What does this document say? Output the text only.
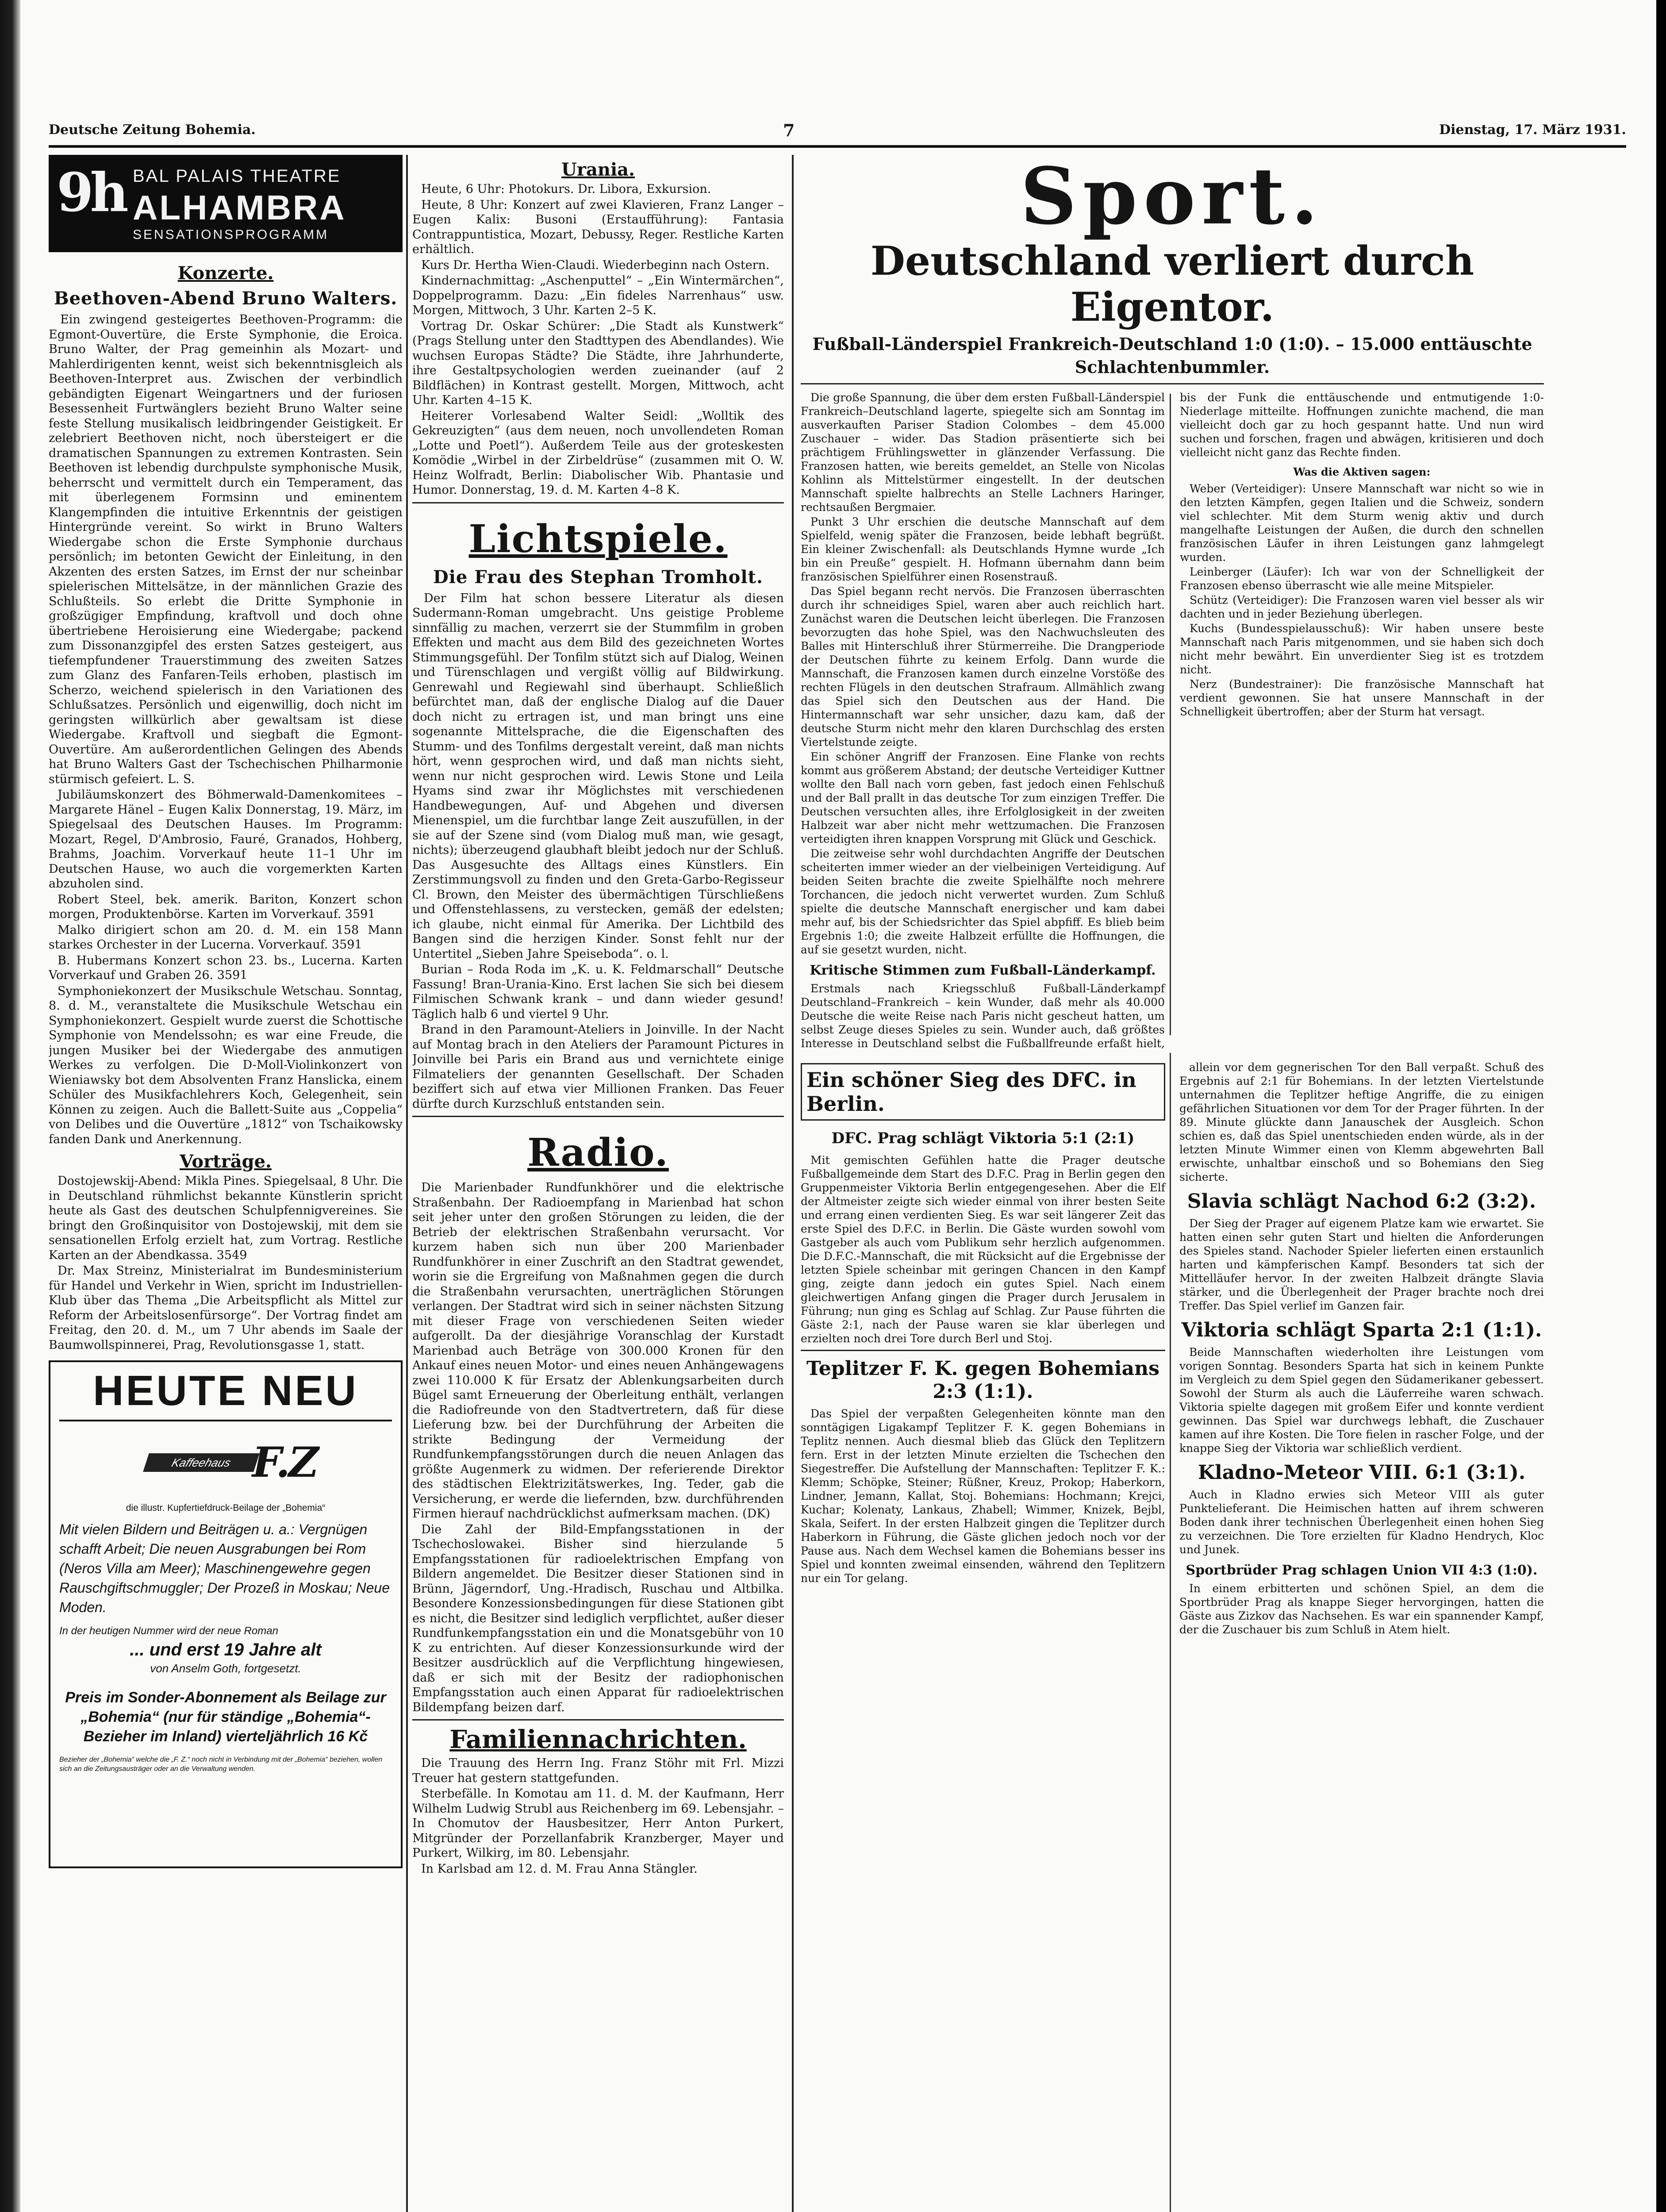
Deutsche Zeitung Bohemia.	7	Dienstag, 17. März 1931.
9h BAL PALAIS THEATRE
ALHAMBRA
SENSATIONSPROGRAMM
Konzerte.
Beethoven-Abend Bruno Walters.

Ein zwingend gesteigertes Beethoven-Programm: die Egmont-Ouvertüre, die Erste Symphonie, die Eroica. Bruno Walter, der Prag gemeinhin als Mozart- und Mahlerdirigenten kennt, weist sich bekenntnisgleich als Beethoven-Interpret aus. Zwischen der verbindlich gebändigten Eigenart Weingartners und der furiosen Besessenheit Furtwänglers bezieht Bruno Walter seine feste Stellung musikalisch leidbringender Geistigkeit. Er zelebriert Beethoven nicht, noch übersteigert er die dramatischen Spannungen zu extremen Kontrasten. Sein Beethoven ist lebendig durchpulste symphonische Musik, beherrscht und vermittelt durch ein Temperament, das mit überlegenem Formsinn und eminentem Klangempfinden die intuitive Erkenntnis der geistigen Hintergründe vereint. So wirkt in Bruno Walters Wiedergabe schon die Erste Symphonie durchaus persönlich; im betonten Gewicht der Einleitung, in den Akzenten des ersten Satzes, im Ernst der nur scheinbar spielerischen Mittelsätze, in der männlichen Grazie des Schlußteils. So erlebt die Dritte Symphonie in großzügiger Empfindung, kraftvoll und doch ohne übertriebene Heroisierung eine Wiedergabe; packend zum Dissonanzgipfel des ersten Satzes gesteigert, aus tiefempfundener Trauerstimmung des zweiten Satzes zum Glanz des Fanfaren-Teils erhoben, plastisch im Scherzo, weichend spielerisch in den Variationen des Schlußsatzes. Persönlich und eigenwillig, doch nicht im geringsten willkürlich aber gewaltsam ist diese Wiedergabe. Kraftvoll und siegbaft die Egmont-Ouvertüre. Am außerordentlichen Gelingen des Abends hat Bruno Walters Gast der Tschechischen Philharmonie stürmisch gefeiert. L. S.

Jubiläumskonzert des Böhmerwald-Damenkomitees – Margarete Hänel – Eugen Kalix Donnerstag, 19. März, im Spiegelsaal des Deutschen Hauses. Im Programm: Mozart, Regel, D'Ambrosio, Fauré, Granados, Hohberg, Brahms, Joachim. Vorverkauf heute 11–1 Uhr im Deutschen Hause, wo auch die vorgemerkten Karten abzuholen sind.

Robert Steel, bek. amerik. Bariton, Konzert schon morgen, Produktenbörse. Karten im Vorverkauf. 3591

Malko dirigiert schon am 20. d. M. ein 158 Mann starkes Orchester in der Lucerna. Vorverkauf. 3591

B. Hubermans Konzert schon 23. bs., Lucerna. Karten Vorverkauf und Graben 26. 3591

Symphoniekonzert der Musikschule Wetschau. Sonntag, 8. d. M., veranstaltete die Musikschule Wetschau ein Symphoniekonzert. Gespielt wurde zuerst die Schottische Symphonie von Mendelssohn; es war eine Freude, die jungen Musiker bei der Wiedergabe des anmutigen Werkes zu verfolgen. Die D-Moll-Violinkonzert von Wieniawsky bot dem Absolventen Franz Hanslicka, einem Schüler des Musikfachlehrers Koch, Gelegenheit, sein Können zu zeigen. Auch die Ballett-Suite aus „Coppelia“ von Delibes und die Ouvertüre „1812“ von Tschaikowsky fanden Dank und Anerkennung.

Vorträge.

Dostojewskij-Abend: Mikla Pines. Spiegelsaal, 8 Uhr. Die in Deutschland rühmlichst bekannte Künstlerin spricht heute als Gast des deutschen Schulpfennigvereines. Sie bringt den Großinquisitor von Dostojewskij, mit dem sie sensationellen Erfolg erzielt hat, zum Vortrag. Restliche Karten an der Abendkassa. 3549

Dr. Max Streinz, Ministerialrat im Bundesministerium für Handel und Verkehr in Wien, spricht im Industriellen-Klub über das Thema „Die Arbeitspflicht als Mittel zur Reform der Arbeitslosenfürsorge“. Der Vortrag findet am Freitag, den 20. d. M., um 7 Uhr abends im Saale der Baumwollspinnerei, Prag, Revolutionsgasse 1, statt.

HEUTE NEU
Kaffeehaus F.Z
die illustr. Kupfertiefdruck-Beilage der „Bohemia“
Mit vielen Bildern und Beiträgen u. a.: Vergnügen schafft Arbeit; Die neuen Ausgrabungen bei Rom (Neros Villa am Meer); Maschinengewehre gegen Rauschgiftschmuggler; Der Prozeß in Moskau; Neue Moden.
In der heutigen Nummer wird der neue Roman
... und erst 19 Jahre alt
von Anselm Goth, fortgesetzt.
Preis im Sonder-Abonnement als Beilage zur „Bohemia“ (nur für ständige „Bohemia“-Bezieher im Inland) vierteljährlich 16 Kč
Bezieher der „Bohemia“ welche die „F. Z.“ noch nicht in Verbindung mit der „Bohemia“ beziehen, wollen sich an die Zeitungsausträger oder an die Verwaltung wenden.
Urania.

Heute, 6 Uhr: Photokurs. Dr. Libora, Exkursion.

Heute, 8 Uhr: Konzert auf zwei Klavieren, Franz Langer – Eugen Kalix: Busoni (Erstaufführung): Fantasia Contrappuntistica, Mozart, Debussy, Reger. Restliche Karten erhältlich.

Kurs Dr. Hertha Wien-Claudi. Wiederbeginn nach Ostern.

Kindernachmittag: „Aschenputtel“ – „Ein Wintermärchen“, Doppelprogramm. Dazu: „Ein fideles Narrenhaus“ usw. Morgen, Mittwoch, 3 Uhr. Karten 2–5 K.

Vortrag Dr. Oskar Schürer: „Die Stadt als Kunstwerk“ (Prags Stellung unter den Stadttypen des Abendlandes). Wie wuchsen Europas Städte? Die Städte, ihre Jahrhunderte, ihre Gestaltpsychologien werden zueinander (auf 2 Bildflächen) in Kontrast gestellt. Morgen, Mittwoch, acht Uhr. Karten 4–15 K.

Heiterer Vorlesabend Walter Seidl: „Wolltik des Gekreuzigten“ (aus dem neuen, noch unvollendeten Roman „Lotte und Poetl“). Außerdem Teile aus der groteskesten Komödie „Wirbel in der Zirbeldrüse“ (zusammen mit O. W. Heinz Wolfradt, Berlin: Diabolischer Wib. Phantasie und Humor. Donnerstag, 19. d. M. Karten 4–8 K.

Lichtspiele.
Die Frau des Stephan Tromholt.

Der Film hat schon bessere Literatur als diesen Sudermann-Roman umgebracht. Uns geistige Probleme sinnfällig zu machen, verzerrt sie der Stummfilm in groben Effekten und macht aus dem Bild des gezeichneten Wortes Stimmungsgefühl. Der Tonfilm stützt sich auf Dialog, Weinen und Türenschlagen und vergißt völlig auf Bildwirkung. Genrewahl und Regiewahl sind überhaupt. Schließlich befürchtet man, daß der englische Dialog auf die Dauer doch nicht zu ertragen ist, und man bringt uns eine sogenannte Mittelsprache, die die Eigenschaften des Stumm- und des Tonfilms dergestalt vereint, daß man nichts hört, wenn gesprochen wird, und daß man nichts sieht, wenn nur nicht gesprochen wird. Lewis Stone und Leila Hyams sind zwar ihr Möglichstes mit verschiedenen Handbewegungen, Auf- und Abgehen und diversen Mienenspiel, um die furchtbar lange Zeit auszufüllen, in der sie auf der Szene sind (vom Dialog muß man, wie gesagt, nichts); überzeugend glaubhaft bleibt jedoch nur der Schluß. Das Ausgesuchte des Alltags eines Künstlers. Ein Zerstimmungsvoll zu finden und den Greta-Garbo-Regisseur Cl. Brown, den Meister des übermächtigen Türschließens und Offenstehlassens, zu verstecken, gemäß der edelsten; ich glaube, nicht einmal für Amerika. Der Lichtbild des Bangen sind die herzigen Kinder. Sonst fehlt nur der Untertitel „Sieben Jahre Speiseboda“. o. l.

Burian – Roda Roda im „K. u. K. Feldmarschall“ Deutsche Fassung! Bran-Urania-Kino. Erst lachen Sie sich bei diesem Filmischen Schwank krank – und dann wieder gesund! Täglich halb 6 und viertel 9 Uhr.

Brand in den Paramount-Ateliers in Joinville. In der Nacht auf Montag brach in den Ateliers der Paramount Pictures in Joinville bei Paris ein Brand aus und vernichtete einige Filmateliers der genannten Gesellschaft. Der Schaden beziffert sich auf etwa vier Millionen Franken. Das Feuer dürfte durch Kurzschluß entstanden sein.

Radio.

Die Marienbader Rundfunkhörer und die elektrische Straßenbahn. Der Radioempfang in Marienbad hat schon seit jeher unter den großen Störungen zu leiden, die der Betrieb der elektrischen Straßenbahn verursacht. Vor kurzem haben sich nun über 200 Marienbader Rundfunkhörer in einer Zuschrift an den Stadtrat gewendet, worin sie die Ergreifung von Maßnahmen gegen die durch die Straßenbahn verursachten, unerträglichen Störungen verlangen. Der Stadtrat wird sich in seiner nächsten Sitzung mit dieser Frage von verschiedenen Seiten wieder aufgerollt. Da der diesjährige Voranschlag der Kurstadt Marienbad auch Beträge von 300.000 Kronen für den Ankauf eines neuen Motor- und eines neuen Anhängewagens zwei 110.000 K für Ersatz der Ablenkungsarbeiten durch Bügel samt Erneuerung der Oberleitung enthält, verlangen die Radiofreunde von den Stadtvertretern, daß für diese Lieferung bzw. bei der Durchführung der Arbeiten die strikte Bedingung der Vermeidung der Rundfunkempfangsstörungen durch die neuen Anlagen das größte Augenmerk zu widmen. Der referierende Direktor des städtischen Elektrizitätswerkes, Ing. Teder, gab die Versicherung, er werde die liefernden, bzw. durchführenden Firmen hierauf nachdrücklichst aufmerksam machen. (DK)

Die Zahl der Bild-Empfangsstationen in der Tschechoslowakei. Bisher sind hierzulande 5 Empfangsstationen für radioelektrischen Empfang von Bildern angemeldet. Die Besitzer dieser Stationen sind in Brünn, Jägerndorf, Ung.-Hradisch, Ruschau und Altbilka. Besondere Konzessionsbedingungen für diese Stationen gibt es nicht, die Besitzer sind lediglich verpflichtet, außer dieser Rundfunkempfangsstation ein und die Monatsgebühr von 10 K zu entrichten. Auf dieser Konzessionsurkunde wird der Besitzer ausdrücklich auf die Verpflichtung hingewiesen, daß er sich mit der Besitz der radiophonischen Empfangsstation auch einen Apparat für radioelektrischen Bildempfang beizen darf.

Familiennachrichten.

Die Trauung des Herrn Ing. Franz Stöhr mit Frl. Mizzi Treuer hat gestern stattgefunden.

Sterbefälle. In Komotau am 11. d. M. der Kaufmann, Herr Wilhelm Ludwig Strubl aus Reichenberg im 69. Lebensjahr. – In Chomutov der Hausbesitzer, Herr Anton Purkert, Mitgründer der Porzellanfabrik Kranzberger, Mayer und Purkert, Wilkirg, im 80. Lebensjahr.

In Karlsbad am 12. d. M. Frau Anna Stängler.

Sport.
Deutschland verliert durch Eigentor.
Fußball-Länderspiel Frankreich-Deutschland 1:0 (1:0). – 15.000 enttäuschte Schlachtenbummler.

Die große Spannung, die über dem ersten Fußball-Länderspiel Frankreich–Deutschland lagerte, spiegelte sich am Sonntag im ausverkauften Pariser Stadion Colombes – dem 45.000 Zuschauer – wider. Das Stadion präsentierte sich bei prächtigem Frühlingswetter in glänzender Verfassung. Die Franzosen hatten, wie bereits gemeldet, an Stelle von Nicolas Kohlinn als Mittelstürmer eingestellt. In der deutschen Mannschaft spielte halbrechts an Stelle Lachners Haringer, rechtsaußen Bergmaier.

Punkt 3 Uhr erschien die deutsche Mannschaft auf dem Spielfeld, wenig später die Franzosen, beide lebhaft begrüßt. Ein kleiner Zwischenfall: als Deutschlands Hymne wurde „Ich bin ein Preuße“ gespielt. H. Hofmann übernahm dann beim französischen Spielführer einen Rosenstrauß.

Das Spiel begann recht nervös. Die Franzosen überraschten durch ihr schneidiges Spiel, waren aber auch reichlich hart. Zunächst waren die Deutschen leicht überlegen. Die Franzosen bevorzugten das hohe Spiel, was den Nachwuchsleuten des Balles mit Hinterschluß ihrer Stürmerreihe. Die Drangperiode der Deutschen führte zu keinem Erfolg. Dann wurde die Mannschaft, die Franzosen kamen durch einzelne Vorstöße des rechten Flügels in den deutschen Strafraum. Allmählich zwang das Spiel sich den Deutschen aus der Hand. Die Hintermannschaft war sehr unsicher, dazu kam, daß der deutsche Sturm nicht mehr den klaren Durchschlag des ersten Viertelstunde zeigte.

Ein schöner Angriff der Franzosen. Eine Flanke von rechts kommt aus größerem Abstand; der deutsche Verteidiger Kuttner wollte den Ball nach vorn geben, fast jedoch einen Fehlschuß und der Ball prallt in das deutsche Tor zum einzigen Treffer. Die Deutschen versuchten alles, ihre Erfolglosigkeit in der zweiten Halbzeit war aber nicht mehr wettzumachen. Die Franzosen verteidigten ihren knappen Vorsprung mit Glück und Geschick.

Die zeitweise sehr wohl durchdachten Angriffe der Deutschen scheiterten immer wieder an der vielbeinigen Verteidigung. Auf beiden Seiten brachte die zweite Spielhälfte noch mehrere Torchancen, die jedoch nicht verwertet wurden. Zum Schluß spielte die deutsche Mannschaft energischer und kam dabei mehr auf, bis der Schiedsrichter das Spiel abpfiff. Es blieb beim Ergebnis 1:0; die zweite Halbzeit erfüllte die Hoffnungen, die auf sie gesetzt wurden, nicht.

Kritische Stimmen zum Fußball-Länderkampf.

Erstmals nach Kriegsschluß Fußball-Länderkampf Deutschland–Frankreich – kein Wunder, daß mehr als 40.000 Deutsche die weite Reise nach Paris nicht gescheut hatten, um selbst Zeuge dieses Spieles zu sein. Wunder auch, daß größtes Interesse in Deutschland selbst die Fußballfreunde erfaßt hielt, bis der Funk die enttäuschende und entmutigende 1:0-Niederlage mitteilte. Hoffnungen zunichte machend, die man vielleicht doch gar zu hoch gespannt hatte. Und nun wird suchen und forschen, fragen und abwägen, kritisieren und doch vielleicht nicht ganz das Rechte finden.

Was die Aktiven sagen:

Weber (Verteidiger): Unsere Mannschaft war nicht so wie in den letzten Kämpfen, gegen Italien und die Schweiz, sondern viel schlechter. Mit dem Sturm wenig aktiv und durch mangelhafte Leistungen der Außen, die durch den schnellen französischen Läufer in ihren Leistungen ganz lahmgelegt wurden.

Leinberger (Läufer): Ich war von der Schnelligkeit der Franzosen ebenso überrascht wie alle meine Mitspieler.

Schütz (Verteidiger): Die Franzosen waren viel besser als wir dachten und in jeder Beziehung überlegen.

Kuchs (Bundesspielausschuß): Wir haben unsere beste Mannschaft nach Paris mitgenommen, und sie haben sich doch nicht mehr bewährt. Ein unverdienter Sieg ist es trotzdem nicht.

Nerz (Bundestrainer): Die französische Mannschaft hat verdient gewonnen. Sie hat unsere Mannschaft in der Schnelligkeit übertroffen; aber der Sturm hat versagt.

Ein schöner Sieg des DFC. in Berlin.
DFC. Prag schlägt Viktoria 5:1 (2:1)

Mit gemischten Gefühlen hatte die Prager deutsche Fußballgemeinde dem Start des D.F.C. Prag in Berlin gegen den Gruppenmeister Viktoria Berlin entgegengesehen. Aber die Elf der Altmeister zeigte sich wieder einmal von ihrer besten Seite und errang einen verdienten Sieg. Es war seit längerer Zeit das erste Spiel des D.F.C. in Berlin. Die Gäste wurden sowohl vom Gastgeber als auch vom Publikum sehr herzlich aufgenommen. Die D.F.C.-Mannschaft, die mit Rücksicht auf die Ergebnisse der letzten Spiele scheinbar mit geringen Chancen in den Kampf ging, zeigte dann jedoch ein gutes Spiel. Nach einem gleichwertigen Anfang gingen die Prager durch Jerusalem in Führung; nun ging es Schlag auf Schlag. Zur Pause führten die Gäste 2:1, nach der Pause waren sie klar überlegen und erzielten noch drei Tore durch Berl und Stoj.

Teplitzer F. K. gegen Bohemians 2:3 (1:1).

Das Spiel der verpaßten Gelegenheiten könnte man den sonntägigen Ligakampf Teplitzer F. K. gegen Bohemians in Teplitz nennen. Auch diesmal blieb das Glück den Teplitzern fern. Erst in der letzten Minute erzielten die Tschechen den Siegestreffer. Die Aufstellung der Mannschaften: Teplitzer F. K.: Klemm; Schöpke, Steiner; Rüßner, Kreuz, Prokop; Haberkorn, Lindner, Jemann, Kallat, Stoj. Bohemians: Hochmann; Krejci, Kuchar; Kolenaty, Lankaus, Zhabell; Wimmer, Knizek, Bejbl, Skala, Seifert. In der ersten Halbzeit gingen die Teplitzer durch Haberkorn in Führung, die Gäste glichen jedoch noch vor der Pause aus. Nach dem Wechsel kamen die Bohemians besser ins Spiel und konnten zweimal einsenden, während den Teplitzern nur ein Tor gelang.

allein vor dem gegnerischen Tor den Ball verpaßt. Schuß des Ergebnis auf 2:1 für Bohemians. In der letzten Viertelstunde unternahmen die Teplitzer heftige Angriffe, die zu einigen gefährlichen Situationen vor dem Tor der Prager führten. In der 89. Minute glückte dann Janauschek der Ausgleich. Schon schien es, daß das Spiel unentschieden enden würde, als in der letzten Minute Wimmer einen von Klemm abgewehrten Ball erwischte, unhaltbar einschoß und so Bohemians den Sieg sicherte.

Slavia schlägt Nachod 6:2 (3:2).

Der Sieg der Prager auf eigenem Platze kam wie erwartet. Sie hatten einen sehr guten Start und hielten die Anforderungen des Spieles stand. Nachoder Spieler lieferten einen erstaunlich harten und kämpferischen Kampf. Besonders tat sich der Mittelläufer hervor. In der zweiten Halbzeit drängte Slavia stärker, und die Überlegenheit der Prager brachte noch drei Treffer. Das Spiel verlief im Ganzen fair.

Viktoria schlägt Sparta 2:1 (1:1).

Beide Mannschaften wiederholten ihre Leistungen vom vorigen Sonntag. Besonders Sparta hat sich in keinem Punkte im Vergleich zu dem Spiel gegen den Südamerikaner gebessert. Sowohl der Sturm als auch die Läuferreihe waren schwach. Viktoria spielte dagegen mit großem Eifer und konnte verdient gewinnen. Das Spiel war durchwegs lebhaft, die Zuschauer kamen auf ihre Kosten. Die Tore fielen in rascher Folge, und der knappe Sieg der Viktoria war schließlich verdient.

Kladno-Meteor VIII. 6:1 (3:1).

Auch in Kladno erwies sich Meteor VIII als guter Punktelieferant. Die Heimischen hatten auf ihrem schweren Boden dank ihrer technischen Überlegenheit einen hohen Sieg zu verzeichnen. Die Tore erzielten für Kladno Hendrych, Kloc und Junek.

Sportbrüder Prag schlagen Union VII 4:3 (1:0).

In einem erbitterten und schönen Spiel, an dem die Sportbrüder Prag als knappe Sieger hervorgingen, hatten die Gäste aus Zizkov das Nachsehen. Es war ein spannender Kampf, der die Zuschauer bis zum Schluß in Atem hielt.
